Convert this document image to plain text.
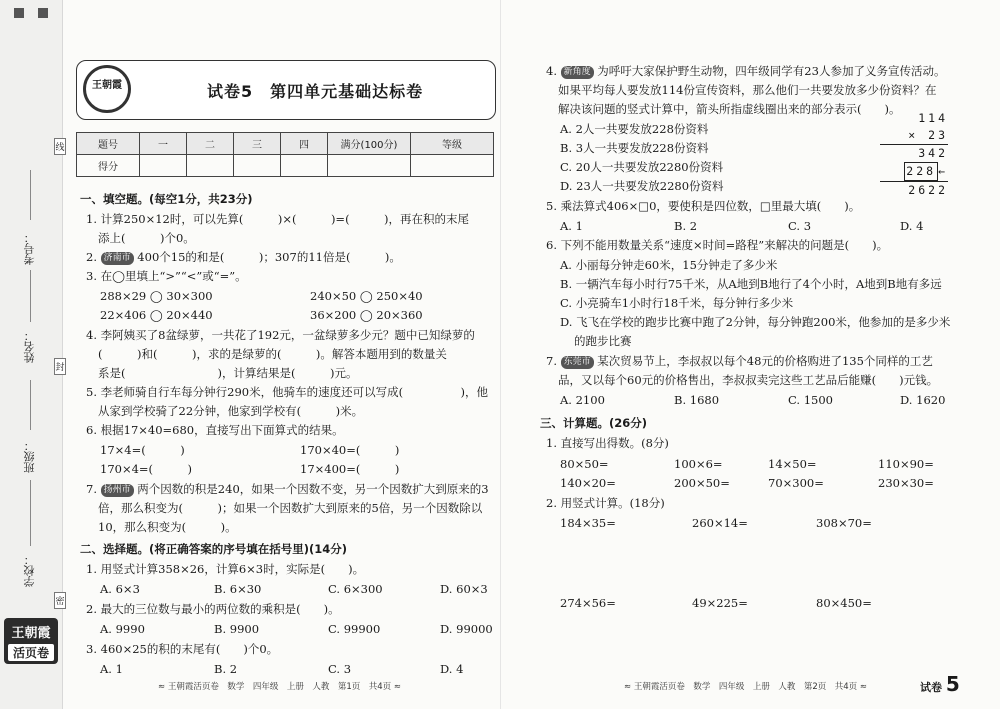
考号：
姓名：
班级：
学校：
线
封
密
王朝霞
活页卷
王朝霞	试卷5　第四单元基础达标卷
题号	一	二	三	四	满分(100分)	等级
得分						
一、填空题。(每空1分，共23分)
1. 计算250×12时，可以先算(　　　)×(　　　)=(　　　)，再在积的末尾
添上(　　　)个0。
2. 济南市 400个15的和是(　　　)；307的11倍是(　　　)。
3. 在◯里填上“>”“<”或“=”。
288×29 ◯ 30×300	240×50 ◯ 250×40
22×406 ◯ 20×440	36×200 ◯ 20×360
4. 李阿姨买了8盆绿萝，一共花了192元，一盆绿萝多少元？题中已知绿萝的
(　　　)和(　　　)，求的是绿萝的(　　　)。解答本题用到的数量关
系是(　　　　　　　　)，计算结果是(　　　)元。
5. 李老师骑自行车每分钟行290米，他骑车的速度还可以写成(　　　　　)，他
从家到学校骑了22分钟，他家到学校有(　　　)米。
6. 根据17×40=680，直接写出下面算式的结果。
17×4=(　　　)	170×40=(　　　)
170×4=(　　　)	17×400=(　　　)
7. 扬州市 两个因数的积是240，如果一个因数不变，另一个因数扩大到原来的3
倍，那么积变为(　　　)；如果一个因数扩大到原来的5倍，另一个因数除以
10，那么积变为(　　　)。
二、选择题。(将正确答案的序号填在括号里)(14分)
1. 用竖式计算358×26，计算6×3时，实际是(　　)。
A. 6×3	B. 6×30	C. 6×300	D. 60×3
2. 最大的三位数与最小的两位数的乘积是(　　)。
A. 9990	B. 9900	C. 99900	D. 99000
3. 460×25的积的末尾有(　　)个0。
A. 1	B. 2	C. 3	D. 4
4. 新角度 为呼吁大家保护野生动物，四年级同学有23人参加了义务宣传活动。
如果平均每人要发放114份宣传资料，那么他们一共要发放多少份资料？在
解决该问题的竖式计算中，箭头所指虚线圈出来的部分表示(　　)。
A. 2人一共要发放228份资料
B. 3人一共要发放228份资料
C. 20人一共要发放2280份资料
D. 23人一共要发放2280份资料
114
× 23
342
228 ←
2622
5. 乘法算式406×□0，要使积是四位数，□里最大填(　　)。
A. 1	B. 2	C. 3	D. 4
6. 下列不能用数量关系“速度×时间=路程”来解决的问题是(　　)。
A. 小丽每分钟走60米，15分钟走了多少米
B. 一辆汽车每小时行75千米，从A地到B地行了4个小时，A地到B地有多远
C. 小亮骑车1小时行18千米，每分钟行多少米
D. 飞飞在学校的跑步比赛中跑了2分钟，每分钟跑200米，他参加的是多少米
的跑步比赛
7. 东莞市 某次贸易节上，李叔叔以每个48元的价格购进了135个同样的工艺
品，又以每个60元的价格售出，李叔叔卖完这些工艺品后能赚(　　)元钱。
A. 2100	B. 1680	C. 1500	D. 1620
三、计算题。(26分)
1. 直接写出得数。(8分)
80×50=	100×6=	14×50=	110×90=
140×20=	200×50=	70×300=	230×30=
2. 用竖式计算。(18分)
184×35=	260×14=	308×70=
274×56=	49×225=	80×450=
≈ 王朝霞活页卷　数学　四年级　上册　人教　第1页　共4页 ≈	≈ 王朝霞活页卷　数学　四年级　上册　人教　第2页　共4页 ≈	试卷 5
